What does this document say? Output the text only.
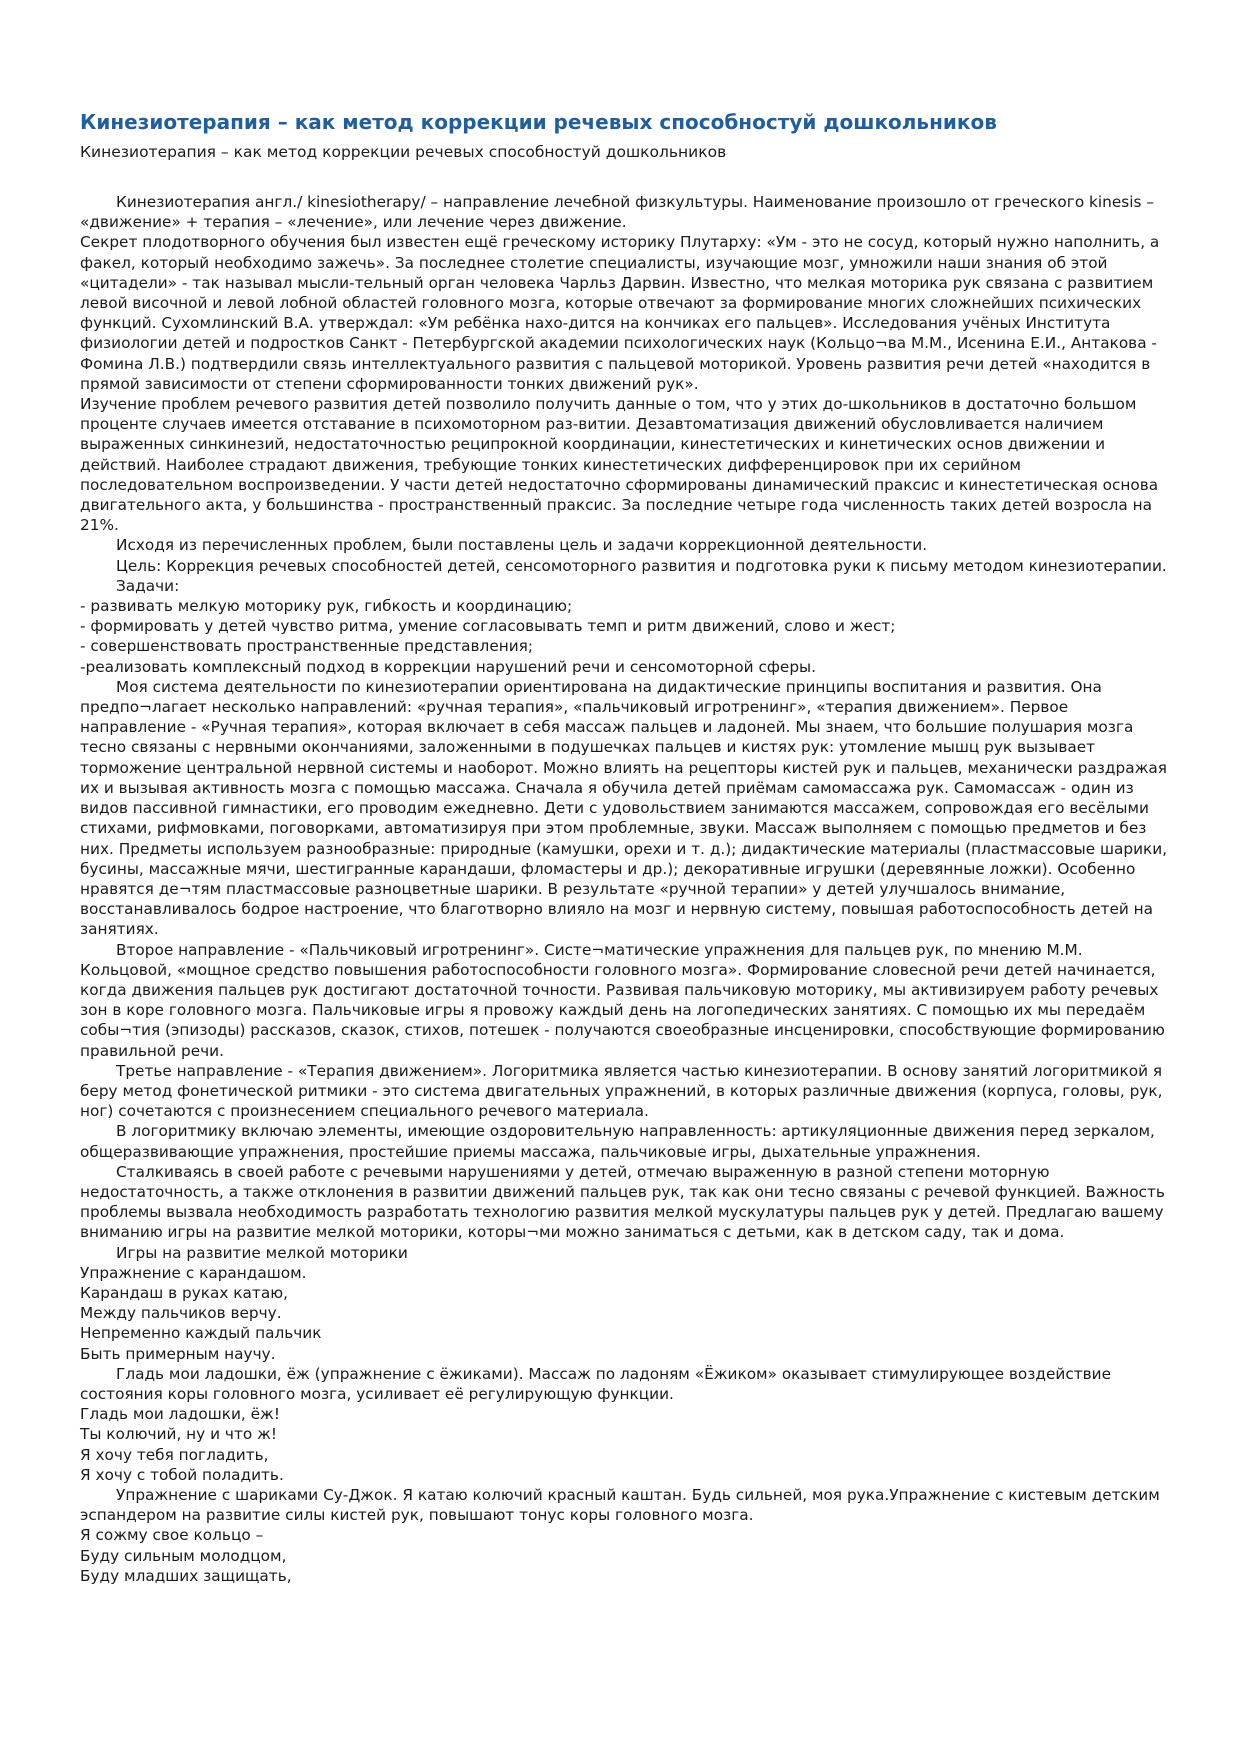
Кинезиотерапия – как метод коррекции речевых способностуй дошкольников
Кинезиотерапия – как метод коррекции речевых способностуй дошкольников

Кинезиотерапия англ./ kinesiotherapy/ – направление лечебной физкультуры. Наименование произошло от греческого kinesis – «движение» + терапия – «лечение», или лечение через движение.

Секрет плодотворного обучения был известен ещё греческому историку Плутарху: «Ум - это не сосуд, который нужно наполнить, а факел, который необходимо зажечь». За последнее столетие специалисты, изучающие мозг, умножили наши знания об этой «цитадели» - так называл мысли-тельный орган человека Чарльз Дарвин. Известно, что мелкая моторика рук связана с развитием левой височной и левой лобной областей головного мозга, которые отвечают за формирование многих сложнейших психических функций. Сухомлинский В.А. утверждал: «Ум ребёнка нахо-дится на кончиках его пальцев». Исследования учёных Института физиологии детей и подростков Санкт - Петербургской академии психологических наук (Кольцо¬ва М.М., Исенина Е.И., Антакова - Фомина Л.В.) подтвердили связь интеллектуального развития с пальцевой моторикой. Уровень развития речи детей «находится в прямой зависимости от степени сформированности тонких движений рук».

Изучение проблем речевого развития детей позволило получить данные о том, что у этих до-школьников в достаточно большом проценте случаев имеется отставание в психомоторном раз-витии. Дезавтоматизация движений обусловливается наличием выраженных синкинезий, недостаточностью реципрокной координации, кинестетических и кинетических основ движении и действий. Наиболее страдают движения, требующие тонких кинестетических дифференцировок при их серийном последовательном воспроизведении. У части детей недостаточно сформированы динамический праксис и кинестетическая основа двигательного акта, у большинства - пространственный праксис. За последние четыре года численность таких детей возросла на 21%.

Исходя из перечисленных проблем, были поставлены цель и задачи коррекционной деятельности.

Цель: Коррекция речевых способностей детей, сенсомоторного развития и подготовка руки к письму методом кинезиотерапии.

Задачи:

- развивать мелкую моторику рук, гибкость и координацию;

- формировать у детей чувство ритма, умение согласовывать темп и ритм движений, слово и жест;

- совершенствовать пространственные представления;

-реализовать комплексный подход в коррекции нарушений речи и сенсомоторной сферы.

Моя система деятельности по кинезиотерапии ориентирована на дидактические принципы воспитания и развития. Она предпо¬лагает несколько направлений: «ручная терапия», «пальчиковый игротренинг», «терапия движением». Первое направление - «Ручная терапия», которая включает в себя массаж пальцев и ладоней. Мы знаем, что большие полушария мозга тесно связаны с нервными окончаниями, заложенными в подушечках пальцев и кистях рук: утомление мышц рук вызывает торможение центральной нервной системы и наоборот. Можно влиять на рецепторы кистей рук и пальцев, механически раздражая их и вызывая активность мозга с помощью массажа. Сначала я обучила детей приёмам самомассажа рук. Самомассаж - один из видов пассивной гимнастики, его проводим ежедневно. Дети с удовольствием занимаются массажем, сопровождая его весёлыми стихами, рифмовками, поговорками, автоматизируя при этом проблемные, звуки. Массаж выполняем с помощью предметов и без них. Предметы используем разнообразные: природные (камушки, орехи и т. д.); дидактические материалы (пластмассовые шарики, бусины, массажные мячи, шестигранные карандаши, фломастеры и др.); декоративные игрушки (деревянные ложки). Особенно нравятся де¬тям пластмассовые разноцветные шарики. В результате «ручной терапии» у детей улучшалось внимание, восстанавливалось бодрое настроение, что благотворно влияло на мозг и нервную систему, повышая работоспособность детей на занятиях.

Второе направление - «Пальчиковый игротренинг». Систе¬матические упражнения для пальцев рук, по мнению М.М. Кольцовой, «мощное средство повышения работоспособности головного мозга». Формирование словесной речи детей начинается, когда движения пальцев рук достигают достаточной точности. Развивая пальчиковую моторику, мы активизируем работу речевых зон в коре головного мозга. Пальчиковые игры я провожу каждый день на логопедических занятиях. С помощью их мы передаём собы¬тия (эпизоды) рассказов, сказок, стихов, потешек - получаются своеобразные инсценировки, способствующие формированию правильной речи.

Третье направление - «Терапия движением». Логоритмика является частью кинезиотерапии. В основу занятий логоритмикой я беру метод фонетической ритмики - это система двигательных упражнений, в которых различные движения (корпуса, головы, рук, ног) сочетаются с произнесением специального речевого материала.

В логоритмику включаю элементы, имеющие оздоровительную направленность: артикуляционные движения перед зеркалом, общеразвивающие упражнения, простейшие приемы массажа, пальчиковые игры, дыхательные упражнения.

Сталкиваясь в своей работе с речевыми нарушениями у детей, отмечаю выраженную в разной степени моторную недостаточность, а также отклонения в развитии движений пальцев рук, так как они тесно связаны с речевой функцией. Важность проблемы вызвала необходимость разработать технологию развития мелкой мускулатуры пальцев рук у детей. Предлагаю вашему вниманию игры на развитие мелкой моторики, которы¬ми можно заниматься с детьми, как в детском саду, так и дома.

Игры на развитие мелкой моторики

Упражнение с карандашом.

Карандаш в руках катаю,

Между пальчиков верчу.

Непременно каждый пальчик

Быть примерным научу.

Гладь мои ладошки, ёж (упражнение с ёжиками). Массаж по ладоням «Ёжиком» оказывает стимулирующее воздействие состояния коры головного мозга, усиливает её регулирующую функции.

Гладь мои ладошки, ёж!

Ты колючий, ну и что ж!

Я хочу тебя погладить,

Я хочу с тобой поладить.

Упражнение с шариками Су-Джок. Я катаю колючий красный каштан. Будь сильней, моя рука.Упражнение с кистевым детским эспандером на развитие силы кистей рук, повышают тонус коры головного мозга.

Я сожму свое кольцо –

Буду сильным молодцом,

Буду младших защищать,
